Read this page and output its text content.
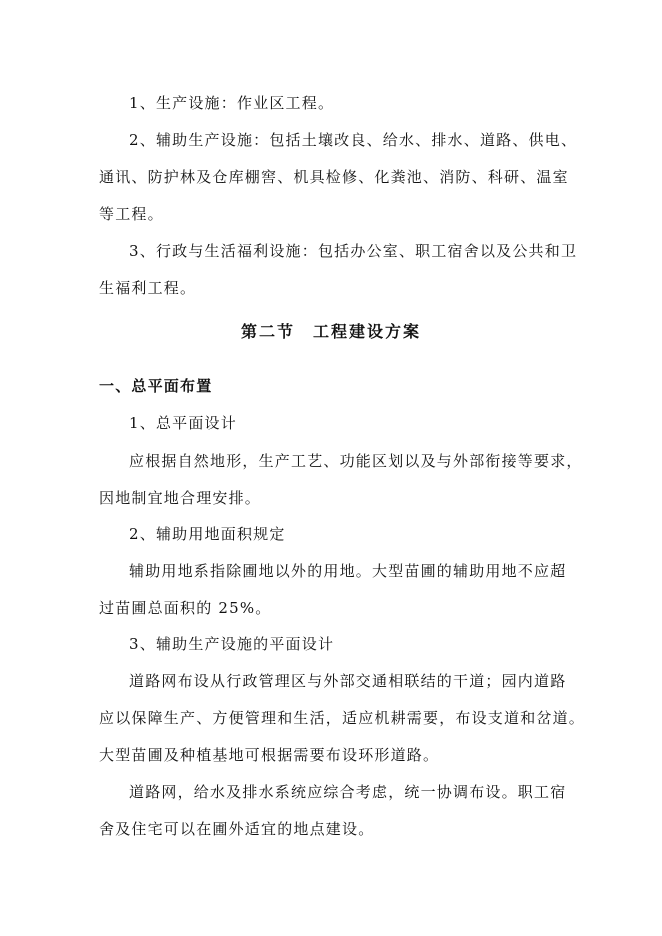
1、生产设施：作业区工程。
2、辅助生产设施：包括土壤改良、给水、排水、道路、供电、
通讯、防护林及仓库棚窖、机具检修、化粪池、消防、科研、温室
等工程。
3、行政与生活福利设施：包括办公室、职工宿舍以及公共和卫
生福利工程。
第二节　工程建设方案
一、总平面布置
1、总平面设计
应根据自然地形，生产工艺、功能区划以及与外部衔接等要求，
因地制宜地合理安排。
2、辅助用地面积规定
辅助用地系指除圃地以外的用地。大型苗圃的辅助用地不应超
过苗圃总面积的 25%。
3、辅助生产设施的平面设计
道路网布设从行政管理区与外部交通相联结的干道；园内道路
应以保障生产、方便管理和生活，适应机耕需要，布设支道和岔道。
大型苗圃及种植基地可根据需要布设环形道路。
道路网，给水及排水系统应综合考虑，统一协调布设。职工宿
舍及住宅可以在圃外适宜的地点建设。
